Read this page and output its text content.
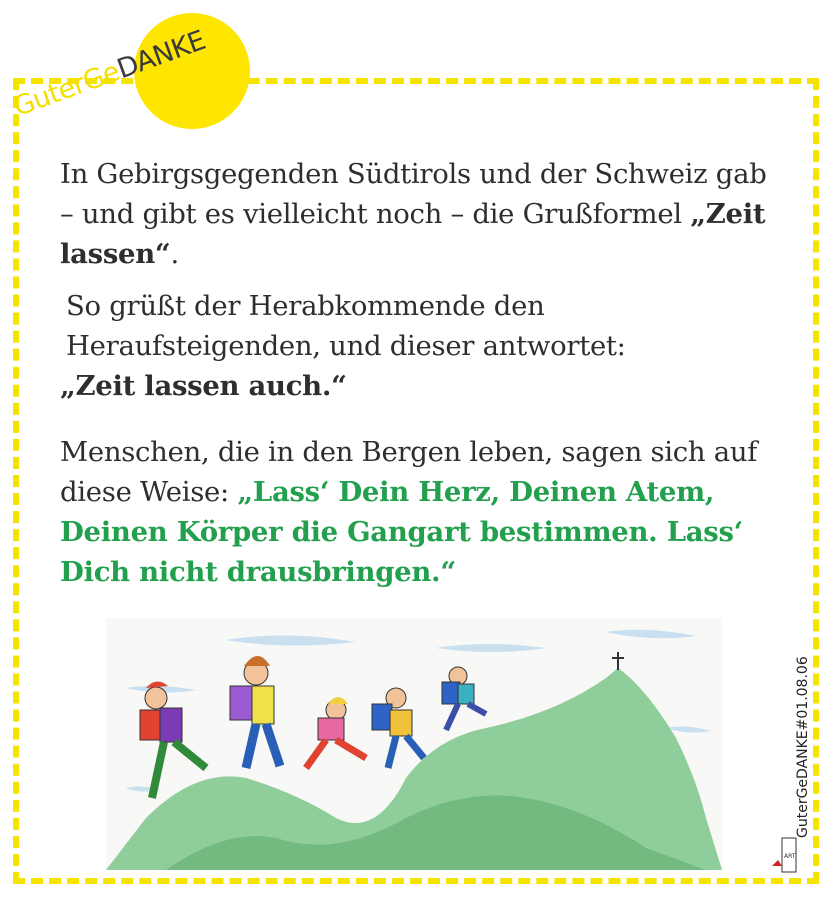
GuterGeDANKE

In Gebirgsgegenden Südtirols und der Schweiz gab – und gibt es vielleicht noch – die Grußformel „Zeit lassen“.

So grüßt der Herabkommende den Heraufsteigenden, und dieser antwortet:
„Zeit lassen auch.“

Menschen, die in den Bergen leben, sagen sich auf diese Weise: „Lass‘ Dein Herz, Deinen Atem, Deinen Körper die Gangart bestimmen. Lass‘ Dich nicht drausbringen.“

GuterGeDANKE#01.08.06
ART
